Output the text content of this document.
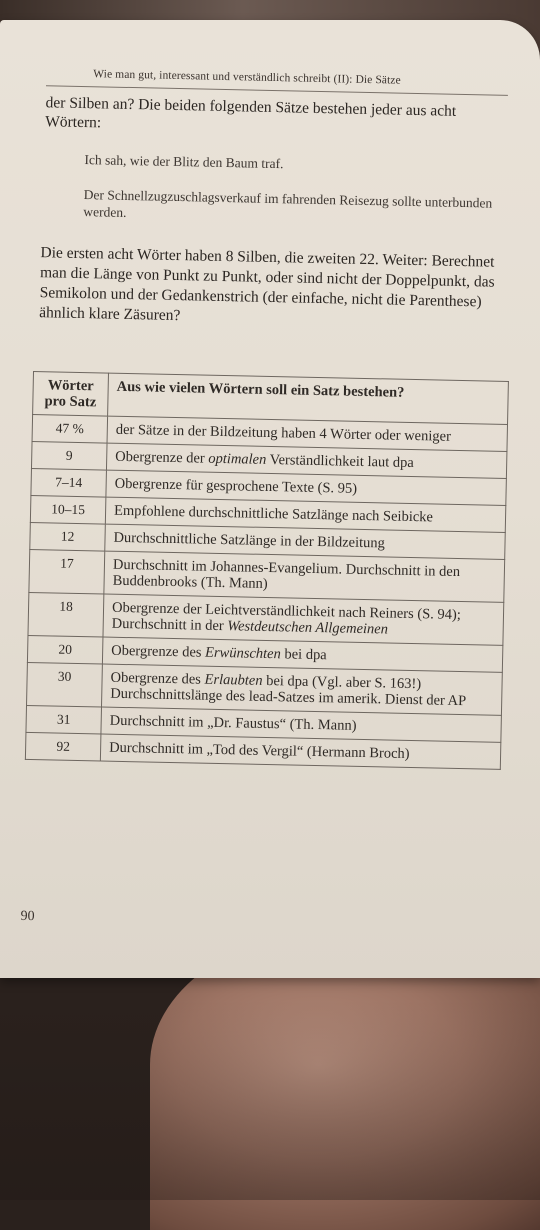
Wie man gut, interessant und verständlich schreibt (II): Die Sätze
der Silben an? Die beiden folgenden Sätze bestehen jeder aus acht Wörtern:
Ich sah, wie der Blitz den Baum traf.
Der Schnellzugzuschlagsverkauf im fahrenden Reisezug sollte unterbunden werden.
Die ersten acht Wörter haben 8 Silben, die zweiten 22. Weiter: Berechnet man die Länge von Punkt zu Punkt, oder sind nicht der Doppelpunkt, das Semikolon und der Gedankenstrich (der einfache, nicht die Parenthese) ähnlich klare Zäsuren?
Wörter pro Satz	Aus wie vielen Wörtern soll ein Satz bestehen?
47 %	der Sätze in der Bildzeitung haben 4 Wörter oder weniger
9	Obergrenze der optimalen Verständlichkeit laut dpa
7–14	Obergrenze für gesprochene Texte (S. 95)
10–15	Empfohlene durchschnittliche Satzlänge nach Seibicke
12	Durchschnittliche Satzlänge in der Bildzeitung
17	Durchschnitt im Johannes-Evangelium. Durchschnitt in den Buddenbrooks (Th. Mann)
18	Obergrenze der Leichtverständlichkeit nach Reiners (S. 94); Durchschnitt in der Westdeutschen Allgemeinen
20	Obergrenze des Erwünschten bei dpa
30	Obergrenze des Erlaubten bei dpa (Vgl. aber S. 163!) Durchschnittslänge des lead-Satzes im amerik. Dienst der AP
31	Durchschnitt im „Dr. Faustus“ (Th. Mann)
92	Durchschnitt im „Tod des Vergil“ (Hermann Broch)
90
